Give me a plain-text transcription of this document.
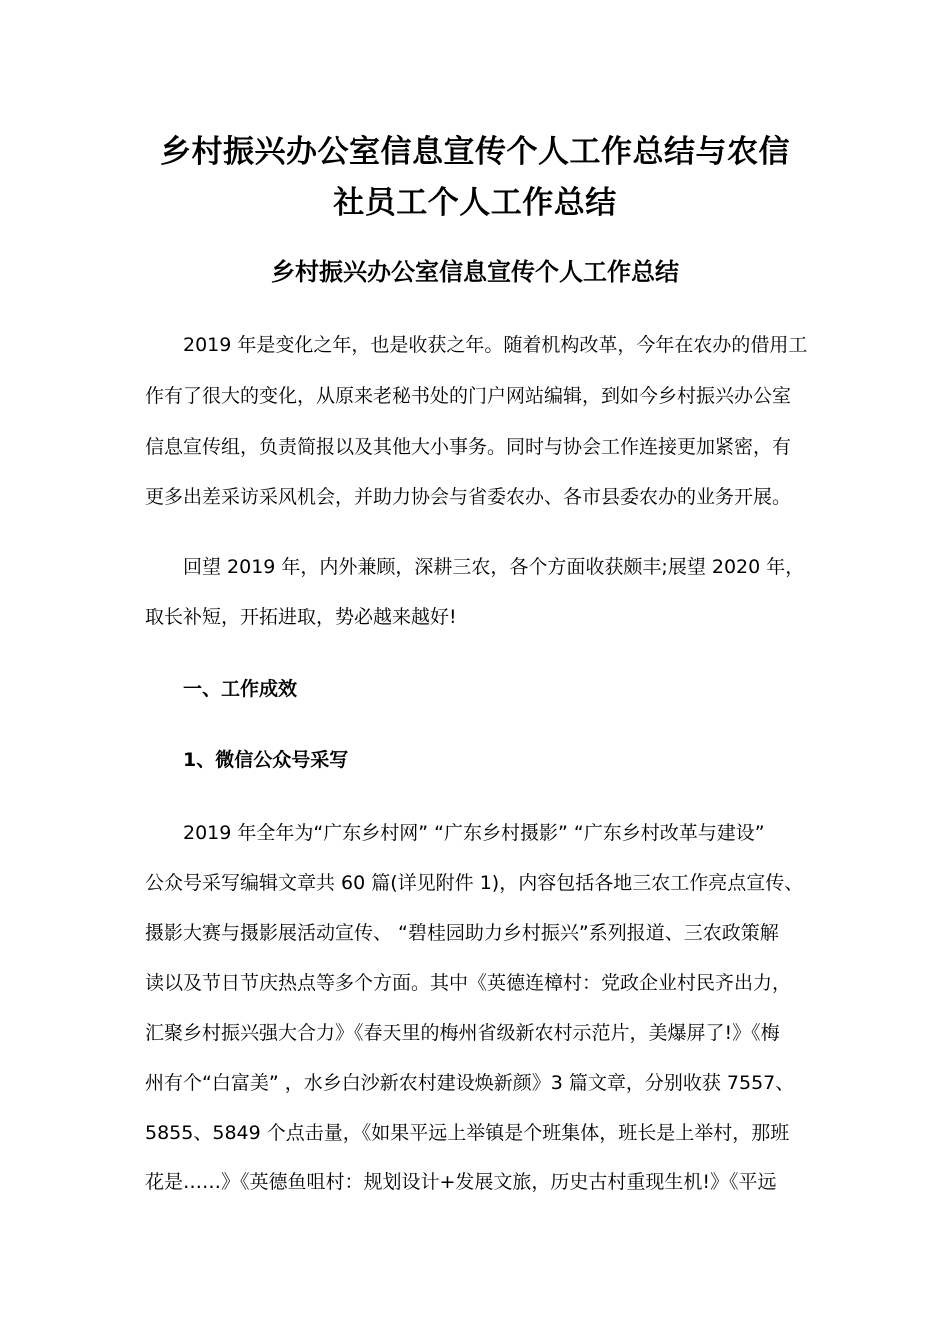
乡村振兴办公室信息宣传个人工作总结与农信
社员工个人工作总结
乡村振兴办公室信息宣传个人工作总结
2019 年是变化之年，也是收获之年。随着机构改革，今年在农办的借用工
作有了很大的变化，从原来老秘书处的门户网站编辑，到如今乡村振兴办公室
信息宣传组，负责简报以及其他大小事务。同时与协会工作连接更加紧密，有
更多出差采访采风机会，并助力协会与省委农办、各市县委农办的业务开展。
回望 2019 年，内外兼顾，深耕三农，各个方面收获颇丰;展望 2020 年，
取长补短，开拓进取，势必越来越好!
一、工作成效
1、微信公众号采写
2019 年全年为“广东乡村网” “广东乡村摄影” “广东乡村改革与建设”
公众号采写编辑文章共 60 篇(详见附件 1)，内容包括各地三农工作亮点宣传、
摄影大赛与摄影展活动宣传、 “碧桂园助力乡村振兴”系列报道、三农政策解
读以及节日节庆热点等多个方面。其中《英德连樟村：党政企业村民齐出力，
汇聚乡村振兴强大合力》《春天里的梅州省级新农村示范片，美爆屏了!》《梅
州有个“白富美” ，水乡白沙新农村建设焕新颜》3 篇文章，分别收获 7557、
5855、5849 个点击量，《如果平远上举镇是个班集体，班长是上举村，那班
花是……》《英德鱼咀村：规划设计+发展文旅，历史古村重现生机!》《平远
